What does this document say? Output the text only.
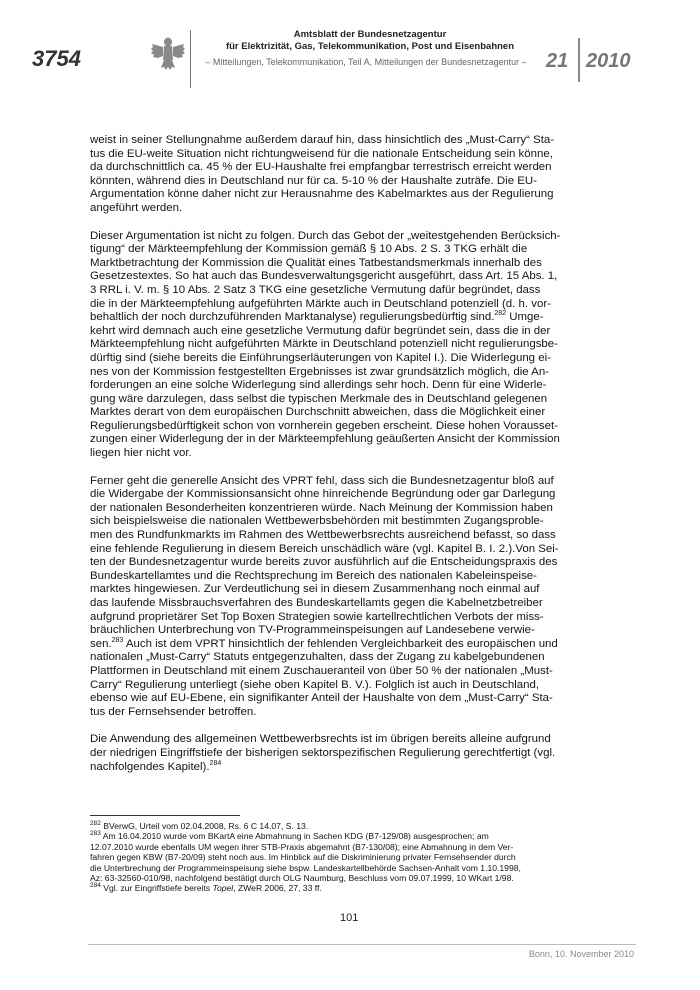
3754
Amtsblatt der Bundesnetzagentur
für Elektrizität, Gas, Telekommunikation, Post und Eisenbahnen
– Mitteilungen, Telekommunikation, Teil A, Mitteilungen der Bundesnetzagentur – 21 2010

weist in seiner Stellungnahme außerdem darauf hin, dass hinsichtlich des „Must-Carry“ Sta-
tus die EU-weite Situation nicht richtungweisend für die nationale Entscheidung sein könne,
da durchschnittlich ca. 45 % der EU-Haushalte frei empfangbar terrestrisch erreicht werden
könnten, während dies in Deutschland nur für ca. 5-10 % der Haushalte zuträfe. Die EU-
Argumentation könne daher nicht zur Herausnahme des Kabelmarktes aus der Regulierung
angeführt werden.

Dieser Argumentation ist nicht zu folgen. Durch das Gebot der „weitestgehenden Berücksich-
tigung“ der Märkteempfehlung der Kommission gemäß § 10 Abs. 2 S. 3 TKG erhält die
Marktbetrachtung der Kommission die Qualität eines Tatbestandsmerkmals innerhalb des
Gesetzestextes. So hat auch das Bundesverwaltungsgericht ausgeführt, dass Art. 15 Abs. 1,
3 RRL i. V. m. § 10 Abs. 2 Satz 3 TKG eine gesetzliche Vermutung dafür begründet, dass
die in der Märkteempfehlung aufgeführten Märkte auch in Deutschland potenziell (d. h. vor-
behaltlich der noch durchzuführenden Marktanalyse) regulierungsbedürftig sind.$^{282}$ Umge-
kehrt wird demnach auch eine gesetzliche Vermutung dafür begründet sein, dass die in der
Märkteempfehlung nicht aufgeführten Märkte in Deutschland potenziell nicht regulierungsbe-
dürftig sind (siehe bereits die Einführungserläuterungen von Kapitel I.). Die Widerlegung ei-
nes von der Kommission festgestellten Ergebnisses ist zwar grundsätzlich möglich, die An-
forderungen an eine solche Widerlegung sind allerdings sehr hoch. Denn für eine Widerle-
gung wäre darzulegen, dass selbst die typischen Merkmale des in Deutschland gelegenen
Marktes derart von dem europäischen Durchschnitt abweichen, dass die Möglichkeit einer
Regulierungsbedürftigkeit schon von vornherein gegeben erscheint. Diese hohen Vorausset-
zungen einer Widerlegung der in der Märkteempfehlung geäußerten Ansicht der Kommission
liegen hier nicht vor.

Ferner geht die generelle Ansicht des VPRT fehl, dass sich die Bundesnetzagentur bloß auf
die Widergabe der Kommissionsansicht ohne hinreichende Begründung oder gar Darlegung
der nationalen Besonderheiten konzentrieren würde. Nach Meinung der Kommission haben
sich beispielsweise die nationalen Wettbewerbsbehörden mit bestimmten Zugangsproble-
men des Rundfunkmarkts im Rahmen des Wettbewerbsrechts ausreichend befasst, so dass
eine fehlende Regulierung in diesem Bereich unschädlich wäre (vgl. Kapitel B. I. 2.).Von Sei-
ten der Bundesnetzagentur wurde bereits zuvor ausführlich auf die Entscheidungspraxis des
Bundeskartellamtes und die Rechtsprechung im Bereich des nationalen Kabeleinspeise-
marktes hingewiesen. Zur Verdeutlichung sei in diesem Zusammenhang noch einmal auf
das laufende Missbrauchsverfahren des Bundeskartellamts gegen die Kabelnetzbetreiber
aufgrund proprietärer Set Top Boxen Strategien sowie kartellrechtlichen Verbots der miss-
bräuchlichen Unterbrechung von TV-Programmeinspeisungen auf Landesebene verwie-
sen.$^{283}$ Auch ist dem VPRT hinsichtlich der fehlenden Vergleichbarkeit des europäischen und
nationalen „Must-Carry“ Statuts entgegenzuhalten, dass der Zugang zu kabelgebundenen
Plattformen in Deutschland mit einem Zuschaueranteil von über 50 % der nationalen „Must-
Carry“ Regulierung unterliegt (siehe oben Kapitel B. V.). Folglich ist auch in Deutschland,
ebenso wie auf EU-Ebene, ein signifikanter Anteil der Haushalte von dem „Must-Carry“ Sta-
tus der Fernsehsender betroffen.

Die Anwendung des allgemeinen Wettbewerbsrechts ist im übrigen bereits alleine aufgrund
der niedrigen Eingriffstiefe der bisherigen sektorspezifischen Regulierung gerechtfertigt (vgl.
nachfolgendes Kapitel).$^{284}$

$^{282}$ BVerwG, Urteil vom 02.04.2008, Rs. 6 C 14.07, S. 13.
$^{283}$ Am 16.04.2010 wurde vom BKartA eine Abmahnung in Sachen KDG (B7-129/08) ausgesprochen; am
12.07.2010 wurde ebenfalls UM wegen ihrer STB-Praxis abgemahnt (B7-130/08); eine Abmahnung in dem Ver-
fahren gegen KBW (B7-20/09) steht noch aus. Im Hinblick auf die Diskriminierung privater Fernsehsender durch
die Unterbrechung der Programmeinspeisung siehe bspw. Landeskartellbehörde Sachsen-Anhalt vom 1.10.1998,
Az: 63-32560-010/98, nachfolgend bestätigt durch OLG Naumburg, Beschluss vom 09.07.1999, 10 WKart 1/98.
$^{284}$ Vgl. zur Eingriffstiefe bereits Topel, ZWeR 2006, 27, 33 ff.
101
Bonn, 10. November 2010
